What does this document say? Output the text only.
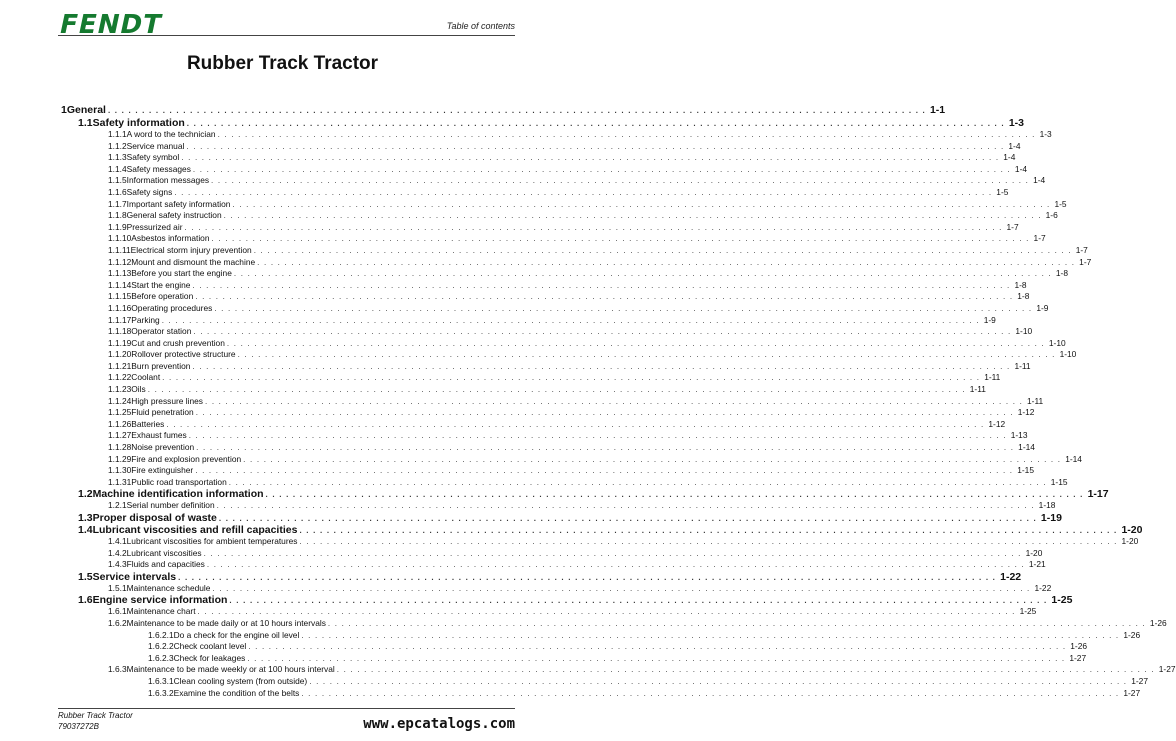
FENDT	Table of contents
Rubber Track Tractor
1 General . . . . . . . . . . . . . . . . . . . . . . . . . . . . . . . . . . . . . . . . . . . . . . . . . . . . . . . . . . . . . . . . . . . . . . . . . . . . . . . . . . . . . . . . . . . . . . . . . . . . . . . . . . . . . . . . . . . . . . . . 1-1
1.1 Safety information . . . . . . . . . . . . . . . . . . . . . . . . . . . . . . . . . . . . . . . . . . . . . . . . . . . . . . . . . . . . . . . . . . . . . . . . . . . . . . . . . . . . . . . . . . . . . . . . . . . . . . . . . . . . . . . . . . . . . . . . 1-3
1.1.1 A word to the technician . . . . . . . . . . . . . . . . . . . . . . . . . . . . . . . . . . . . . . . . . . . . . . . . . . . . . . . . . . . . . . . . . . . . . . . . . . . . . . . . . . . . . . . . . . . . . . . . . . . . . . . . . . . . . . . . . . . . . . . . 1-3
1.1.2 Service manual . . . . . . . . . . . . . . . . . . . . . . . . . . . . . . . . . . . . . . . . . . . . . . . . . . . . . . . . . . . . . . . . . . . . . . . . . . . . . . . . . . . . . . . . . . . . . . . . . . . . . . . . . . . . . . . . . . . . . . . . 1-4
1.1.3 Safety symbol . . . . . . . . . . . . . . . . . . . . . . . . . . . . . . . . . . . . . . . . . . . . . . . . . . . . . . . . . . . . . . . . . . . . . . . . . . . . . . . . . . . . . . . . . . . . . . . . . . . . . . . . . . . . . . . . . . . . . . . . 1-4
1.1.4 Safety messages . . . . . . . . . . . . . . . . . . . . . . . . . . . . . . . . . . . . . . . . . . . . . . . . . . . . . . . . . . . . . . . . . . . . . . . . . . . . . . . . . . . . . . . . . . . . . . . . . . . . . . . . . . . . . . . . . . . . . . . . 1-4
1.1.5 Information messages . . . . . . . . . . . . . . . . . . . . . . . . . . . . . . . . . . . . . . . . . . . . . . . . . . . . . . . . . . . . . . . . . . . . . . . . . . . . . . . . . . . . . . . . . . . . . . . . . . . . . . . . . . . . . . . . . . . . . . . . 1-4
1.1.6 Safety signs . . . . . . . . . . . . . . . . . . . . . . . . . . . . . . . . . . . . . . . . . . . . . . . . . . . . . . . . . . . . . . . . . . . . . . . . . . . . . . . . . . . . . . . . . . . . . . . . . . . . . . . . . . . . . . . . . . . . . . . . 1-5
1.1.7 Important safety information . . . . . . . . . . . . . . . . . . . . . . . . . . . . . . . . . . . . . . . . . . . . . . . . . . . . . . . . . . . . . . . . . . . . . . . . . . . . . . . . . . . . . . . . . . . . . . . . . . . . . . . . . . . . . . . . . . . . . . . . 1-5
1.1.8 General safety instruction . . . . . . . . . . . . . . . . . . . . . . . . . . . . . . . . . . . . . . . . . . . . . . . . . . . . . . . . . . . . . . . . . . . . . . . . . . . . . . . . . . . . . . . . . . . . . . . . . . . . . . . . . . . . . . . . . . . . . . . . 1-6
1.1.9 Pressurized air . . . . . . . . . . . . . . . . . . . . . . . . . . . . . . . . . . . . . . . . . . . . . . . . . . . . . . . . . . . . . . . . . . . . . . . . . . . . . . . . . . . . . . . . . . . . . . . . . . . . . . . . . . . . . . . . . . . . . . . . 1-7
1.1.10 Asbestos information . . . . . . . . . . . . . . . . . . . . . . . . . . . . . . . . . . . . . . . . . . . . . . . . . . . . . . . . . . . . . . . . . . . . . . . . . . . . . . . . . . . . . . . . . . . . . . . . . . . . . . . . . . . . . . . . . . . . . . . . 1-7
1.1.11 Electrical storm injury prevention . . . . . . . . . . . . . . . . . . . . . . . . . . . . . . . . . . . . . . . . . . . . . . . . . . . . . . . . . . . . . . . . . . . . . . . . . . . . . . . . . . . . . . . . . . . . . . . . . . . . . . . . . . . . . . . . . . . . . . . . 1-7
1.1.12 Mount and dismount the machine . . . . . . . . . . . . . . . . . . . . . . . . . . . . . . . . . . . . . . . . . . . . . . . . . . . . . . . . . . . . . . . . . . . . . . . . . . . . . . . . . . . . . . . . . . . . . . . . . . . . . . . . . . . . . . . . . . . . . . . . 1-7
1.1.13 Before you start the engine . . . . . . . . . . . . . . . . . . . . . . . . . . . . . . . . . . . . . . . . . . . . . . . . . . . . . . . . . . . . . . . . . . . . . . . . . . . . . . . . . . . . . . . . . . . . . . . . . . . . . . . . . . . . . . . . . . . . . . . . 1-8
1.1.14 Start the engine . . . . . . . . . . . . . . . . . . . . . . . . . . . . . . . . . . . . . . . . . . . . . . . . . . . . . . . . . . . . . . . . . . . . . . . . . . . . . . . . . . . . . . . . . . . . . . . . . . . . . . . . . . . . . . . . . . . . . . . . 1-8
1.1.15 Before operation . . . . . . . . . . . . . . . . . . . . . . . . . . . . . . . . . . . . . . . . . . . . . . . . . . . . . . . . . . . . . . . . . . . . . . . . . . . . . . . . . . . . . . . . . . . . . . . . . . . . . . . . . . . . . . . . . . . . . . . . 1-8
1.1.16 Operating procedures . . . . . . . . . . . . . . . . . . . . . . . . . . . . . . . . . . . . . . . . . . . . . . . . . . . . . . . . . . . . . . . . . . . . . . . . . . . . . . . . . . . . . . . . . . . . . . . . . . . . . . . . . . . . . . . . . . . . . . . . 1-9
1.1.17 Parking . . . . . . . . . . . . . . . . . . . . . . . . . . . . . . . . . . . . . . . . . . . . . . . . . . . . . . . . . . . . . . . . . . . . . . . . . . . . . . . . . . . . . . . . . . . . . . . . . . . . . . . . . . . . . . . . . . . . . . . . 1-9
1.1.18 Operator station . . . . . . . . . . . . . . . . . . . . . . . . . . . . . . . . . . . . . . . . . . . . . . . . . . . . . . . . . . . . . . . . . . . . . . . . . . . . . . . . . . . . . . . . . . . . . . . . . . . . . . . . . . . . . . . . . . . . . . . . 1-10
1.1.19 Cut and crush prevention . . . . . . . . . . . . . . . . . . . . . . . . . . . . . . . . . . . . . . . . . . . . . . . . . . . . . . . . . . . . . . . . . . . . . . . . . . . . . . . . . . . . . . . . . . . . . . . . . . . . . . . . . . . . . . . . . . . . . . . . 1-10
1.1.20 Rollover protective structure . . . . . . . . . . . . . . . . . . . . . . . . . . . . . . . . . . . . . . . . . . . . . . . . . . . . . . . . . . . . . . . . . . . . . . . . . . . . . . . . . . . . . . . . . . . . . . . . . . . . . . . . . . . . . . . . . . . . . . . . 1-10
1.1.21 Burn prevention . . . . . . . . . . . . . . . . . . . . . . . . . . . . . . . . . . . . . . . . . . . . . . . . . . . . . . . . . . . . . . . . . . . . . . . . . . . . . . . . . . . . . . . . . . . . . . . . . . . . . . . . . . . . . . . . . . . . . . . . 1-11
1.1.22 Coolant . . . . . . . . . . . . . . . . . . . . . . . . . . . . . . . . . . . . . . . . . . . . . . . . . . . . . . . . . . . . . . . . . . . . . . . . . . . . . . . . . . . . . . . . . . . . . . . . . . . . . . . . . . . . . . . . . . . . . . . . 1-11
1.1.23 Oils . . . . . . . . . . . . . . . . . . . . . . . . . . . . . . . . . . . . . . . . . . . . . . . . . . . . . . . . . . . . . . . . . . . . . . . . . . . . . . . . . . . . . . . . . . . . . . . . . . . . . . . . . . . . . . . . . . . . . . . . 1-11
1.1.24 High pressure lines . . . . . . . . . . . . . . . . . . . . . . . . . . . . . . . . . . . . . . . . . . . . . . . . . . . . . . . . . . . . . . . . . . . . . . . . . . . . . . . . . . . . . . . . . . . . . . . . . . . . . . . . . . . . . . . . . . . . . . . . 1-11
1.1.25 Fluid penetration . . . . . . . . . . . . . . . . . . . . . . . . . . . . . . . . . . . . . . . . . . . . . . . . . . . . . . . . . . . . . . . . . . . . . . . . . . . . . . . . . . . . . . . . . . . . . . . . . . . . . . . . . . . . . . . . . . . . . . . . 1-12
1.1.26 Batteries . . . . . . . . . . . . . . . . . . . . . . . . . . . . . . . . . . . . . . . . . . . . . . . . . . . . . . . . . . . . . . . . . . . . . . . . . . . . . . . . . . . . . . . . . . . . . . . . . . . . . . . . . . . . . . . . . . . . . . . . 1-12
1.1.27 Exhaust fumes . . . . . . . . . . . . . . . . . . . . . . . . . . . . . . . . . . . . . . . . . . . . . . . . . . . . . . . . . . . . . . . . . . . . . . . . . . . . . . . . . . . . . . . . . . . . . . . . . . . . . . . . . . . . . . . . . . . . . . . . 1-13
1.1.28 Noise prevention . . . . . . . . . . . . . . . . . . . . . . . . . . . . . . . . . . . . . . . . . . . . . . . . . . . . . . . . . . . . . . . . . . . . . . . . . . . . . . . . . . . . . . . . . . . . . . . . . . . . . . . . . . . . . . . . . . . . . . . . 1-14
1.1.29 Fire and explosion prevention . . . . . . . . . . . . . . . . . . . . . . . . . . . . . . . . . . . . . . . . . . . . . . . . . . . . . . . . . . . . . . . . . . . . . . . . . . . . . . . . . . . . . . . . . . . . . . . . . . . . . . . . . . . . . . . . . . . . . . . . 1-14
1.1.30 Fire extinguisher . . . . . . . . . . . . . . . . . . . . . . . . . . . . . . . . . . . . . . . . . . . . . . . . . . . . . . . . . . . . . . . . . . . . . . . . . . . . . . . . . . . . . . . . . . . . . . . . . . . . . . . . . . . . . . . . . . . . . . . . 1-15
1.1.31 Public road transportation . . . . . . . . . . . . . . . . . . . . . . . . . . . . . . . . . . . . . . . . . . . . . . . . . . . . . . . . . . . . . . . . . . . . . . . . . . . . . . . . . . . . . . . . . . . . . . . . . . . . . . . . . . . . . . . . . . . . . . . . 1-15
1.2 Machine identification information . . . . . . . . . . . . . . . . . . . . . . . . . . . . . . . . . . . . . . . . . . . . . . . . . . . . . . . . . . . . . . . . . . . . . . . . . . . . . . . . . . . . . . . . . . . . . . . . . . . . . . . . . . . . . . . . . . . . . . . . 1-17
1.2.1 Serial number definition . . . . . . . . . . . . . . . . . . . . . . . . . . . . . . . . . . . . . . . . . . . . . . . . . . . . . . . . . . . . . . . . . . . . . . . . . . . . . . . . . . . . . . . . . . . . . . . . . . . . . . . . . . . . . . . . . . . . . . . . 1-18
1.3 Proper disposal of waste . . . . . . . . . . . . . . . . . . . . . . . . . . . . . . . . . . . . . . . . . . . . . . . . . . . . . . . . . . . . . . . . . . . . . . . . . . . . . . . . . . . . . . . . . . . . . . . . . . . . . . . . . . . . . . . . . . . . . . . . 1-19
1.4 Lubricant viscosities and refill capacities . . . . . . . . . . . . . . . . . . . . . . . . . . . . . . . . . . . . . . . . . . . . . . . . . . . . . . . . . . . . . . . . . . . . . . . . . . . . . . . . . . . . . . . . . . . . . . . . . . . . . . . . . . . . . . . . . . . . . . . . 1-20
1.4.1 Lubricant viscosities for ambient temperatures . . . . . . . . . . . . . . . . . . . . . . . . . . . . . . . . . . . . . . . . . . . . . . . . . . . . . . . . . . . . . . . . . . . . . . . . . . . . . . . . . . . . . . . . . . . . . . . . . . . . . . . . . . . . . . . . . . . . . . . . 1-20
1.4.2 Lubricant viscosities . . . . . . . . . . . . . . . . . . . . . . . . . . . . . . . . . . . . . . . . . . . . . . . . . . . . . . . . . . . . . . . . . . . . . . . . . . . . . . . . . . . . . . . . . . . . . . . . . . . . . . . . . . . . . . . . . . . . . . . . 1-20
1.4.3 Fluids and capacities . . . . . . . . . . . . . . . . . . . . . . . . . . . . . . . . . . . . . . . . . . . . . . . . . . . . . . . . . . . . . . . . . . . . . . . . . . . . . . . . . . . . . . . . . . . . . . . . . . . . . . . . . . . . . . . . . . . . . . . . 1-21
1.5 Service intervals . . . . . . . . . . . . . . . . . . . . . . . . . . . . . . . . . . . . . . . . . . . . . . . . . . . . . . . . . . . . . . . . . . . . . . . . . . . . . . . . . . . . . . . . . . . . . . . . . . . . . . . . . . . . . . . . . . . . . . . . 1-22
1.5.1 Maintenance schedule . . . . . . . . . . . . . . . . . . . . . . . . . . . . . . . . . . . . . . . . . . . . . . . . . . . . . . . . . . . . . . . . . . . . . . . . . . . . . . . . . . . . . . . . . . . . . . . . . . . . . . . . . . . . . . . . . . . . . . . . 1-22
1.6 Engine service information . . . . . . . . . . . . . . . . . . . . . . . . . . . . . . . . . . . . . . . . . . . . . . . . . . . . . . . . . . . . . . . . . . . . . . . . . . . . . . . . . . . . . . . . . . . . . . . . . . . . . . . . . . . . . . . . . . . . . . . . 1-25
1.6.1 Maintenance chart . . . . . . . . . . . . . . . . . . . . . . . . . . . . . . . . . . . . . . . . . . . . . . . . . . . . . . . . . . . . . . . . . . . . . . . . . . . . . . . . . . . . . . . . . . . . . . . . . . . . . . . . . . . . . . . . . . . . . . . . 1-25
1.6.2 Maintenance to be made daily or at 10 hours intervals . . . . . . . . . . . . . . . . . . . . . . . . . . . . . . . . . . . . . . . . . . . . . . . . . . . . . . . . . . . . . . . . . . . . . . . . . . . . . . . . . . . . . . . . . . . . . . . . . . . . . . . . . . . . . . . . . . . . . . . . 1-26
1.6.2.1 Do a check for the engine oil level . . . . . . . . . . . . . . . . . . . . . . . . . . . . . . . . . . . . . . . . . . . . . . . . . . . . . . . . . . . . . . . . . . . . . . . . . . . . . . . . . . . . . . . . . . . . . . . . . . . . . . . . . . . . . . . . . . . . . . . . 1-26
1.6.2.2 Check coolant level . . . . . . . . . . . . . . . . . . . . . . . . . . . . . . . . . . . . . . . . . . . . . . . . . . . . . . . . . . . . . . . . . . . . . . . . . . . . . . . . . . . . . . . . . . . . . . . . . . . . . . . . . . . . . . . . . . . . . . . . 1-26
1.6.2.3 Check for leakages . . . . . . . . . . . . . . . . . . . . . . . . . . . . . . . . . . . . . . . . . . . . . . . . . . . . . . . . . . . . . . . . . . . . . . . . . . . . . . . . . . . . . . . . . . . . . . . . . . . . . . . . . . . . . . . . . . . . . . . . 1-27
1.6.3 Maintenance to be made weekly or at 100 hours interval . . . . . . . . . . . . . . . . . . . . . . . . . . . . . . . . . . . . . . . . . . . . . . . . . . . . . . . . . . . . . . . . . . . . . . . . . . . . . . . . . . . . . . . . . . . . . . . . . . . . . . . . . . . . . . . . . . . . . . . . 1-27
1.6.3.1 Clean cooling system (from outside) . . . . . . . . . . . . . . . . . . . . . . . . . . . . . . . . . . . . . . . . . . . . . . . . . . . . . . . . . . . . . . . . . . . . . . . . . . . . . . . . . . . . . . . . . . . . . . . . . . . . . . . . . . . . . . . . . . . . . . . . 1-27
1.6.3.2 Examine the condition of the belts . . . . . . . . . . . . . . . . . . . . . . . . . . . . . . . . . . . . . . . . . . . . . . . . . . . . . . . . . . . . . . . . . . . . . . . . . . . . . . . . . . . . . . . . . . . . . . . . . . . . . . . . . . . . . . . . . . . . . . . . 1-27
Rubber Track Tractor
79037272B	www.epcatalogs.com
